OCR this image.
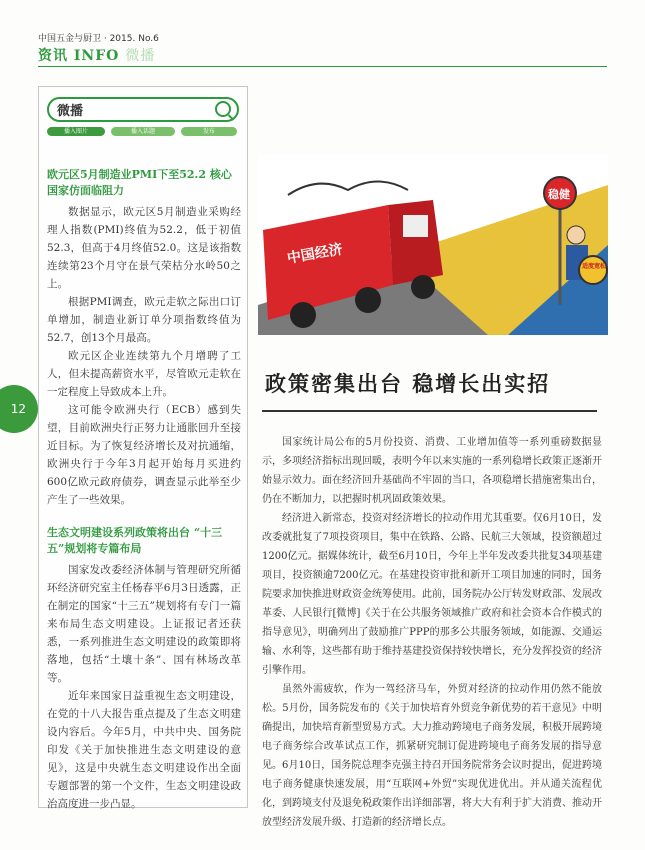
中国五金与厨卫 · 2015. No.6
资讯 INFO 微播
12
微播
播入图片	播入话题	发布

欧元区5月制造业PMI下至52.2 核心国家仿面临阻力

数据显示，欧元区5月制造业采购经理人指数(PMI)终值为52.2，低于初值52.3，但高于4月终值52.0。这是该指数连续第23个月守在景气荣枯分水岭50之上。

根据PMI调查，欧元走软之际出口订单增加，制造业新订单分项指数终值为52.7，创13个月最高。

欧元区企业连续第九个月增聘了工人，但未提高薪资水平，尽管欧元走软在一定程度上导致成本上升。

这可能令欧洲央行（ECB）感到失望，目前欧洲央行正努力让通胀回升至接近目标。为了恢复经济增长及对抗通缩，欧洲央行于今年3月起开始每月买进约600亿欧元政府债券，调查显示此举至少产生了一些效果。

生态文明建设系列政策将出台 “十三五”规划将专篇布局

国家发改委经济体制与管理研究所循环经济研究室主任杨春平6月3日透露，正在制定的国家“十三五”规划将有专门一篇来布局生态文明建设。上证报记者还获悉，一系列推进生态文明建设的政策即将落地，包括“土壤十条”、国有林场改革等。

近年来国家日益重视生态文明建设，在党的十八大报告重点提及了生态文明建设内容后。今年5月，中共中央、国务院印发《关于加快推进生态文明建设的意见》，这是中央就生态文明建设作出全面专题部署的第一个文件，生态文明建设政治高度进一步凸显。

中国经济
稳健
适度宽松
政策密集出台 稳增长出实招

国家统计局公布的5月份投资、消费、工业增加值等一系列重磅数据显示，多项经济指标出现回暖，表明今年以来实施的一系列稳增长政策正逐渐开始显示效力。面在经济回升基础尚不牢固的当口，各项稳增长措施密集出台，仍在不断加力，以把握时机巩固政策效果。

经济进入新常态，投资对经济增长的拉动作用尤其重要。仅6月10日，发改委就批复了7项投资项目，集中在铁路、公路、民航三大领域，投资额超过1200亿元。据媒体统计，截至6月10日，今年上半年发改委共批复34项基建项目，投资额逾7200亿元。在基建投资审批和新开工项目加速的同时，国务院要求加快推进财政资金统筹使用。此前，国务院办公厅转发财政部、发展改革委、人民银行[微博]《关于在公共服务领域推广政府和社会资本合作模式的指导意见》，明确列出了鼓励推广PPP的那多公共服务领域，如能源、交通运输、水利等，这些都有助于维持基建投资保持较快增长，充分发挥投资的经济引擎作用。

虽然外需疲软，作为一驾经济马车，外贸对经济的拉动作用仍然不能放松。5月份，国务院发布的《关于加快培育外贸竞争新优势的若干意见》中明确提出，加快培育新型贸易方式。大力推动跨境电子商务发展，积极开展跨境电子商务综合改革试点工作，抓紧研究制订促进跨境电子商务发展的指导意见。6月10日，国务院总理李克强主持召开国务院常务会议时提出，促进跨境电子商务健康快速发展，用“互联网+外贸”实现优进优出。并从通关流程优化，到跨境支付及退免税政策作出详细部署，将大大有利于扩大消费、推动开放型经济发展升级、打造新的经济增长点。
